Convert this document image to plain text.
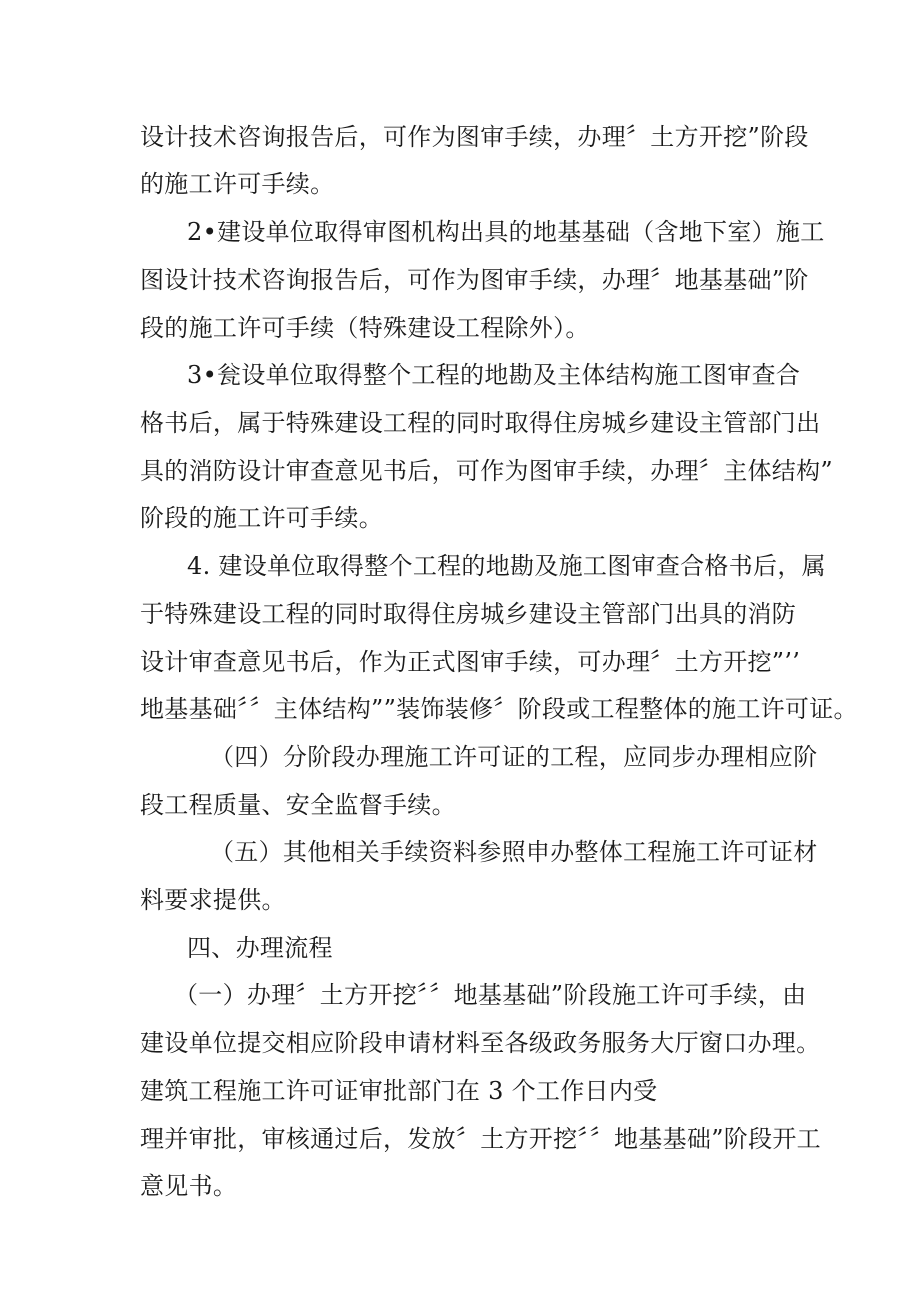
设计技术咨询报告后，可作为图审手续，办理〞土方开挖”阶段
的施工许可手续。
2•建设单位取得审图机构出具的地基基础（含地下室）施工
图设计技术咨询报告后，可作为图审手续，办理〞地基基础”阶
段的施工许可手续（特殊建设工程除外）。
3•瓮设单位取得整个工程的地勘及主体结构施工图审查合
格书后，属于特殊建设工程的同时取得住房城乡建设主管部门出
具的消防设计审查意见书后，可作为图审手续，办理〞主体结构”
阶段的施工许可手续。
4. 建设单位取得整个工程的地勘及施工图审查合格书后，属
于特殊建设工程的同时取得住房城乡建设主管部门出具的消防
设计审查意见书后，作为正式图审手续，可办理〞土方开挖”’’
地基基础〞〞主体结构””装饰装修〞阶段或工程整体的施工许可证。
（四）分阶段办理施工许可证的工程，应同步办理相应阶
段工程质量、安全监督手续。
（五）其他相关手续资料参照申办整体工程施工许可证材
料要求提供。
四、办理流程
（一）办理〞土方开挖〞〞地基基础”阶段施工许可手续，由
建设单位提交相应阶段申请材料至各级政务服务大厅窗口办理。
建筑工程施工许可证审批部门在 3 个工作日内受
理并审批，审核通过后，发放〞土方开挖〞〞地基基础”阶段开工
意见书。
